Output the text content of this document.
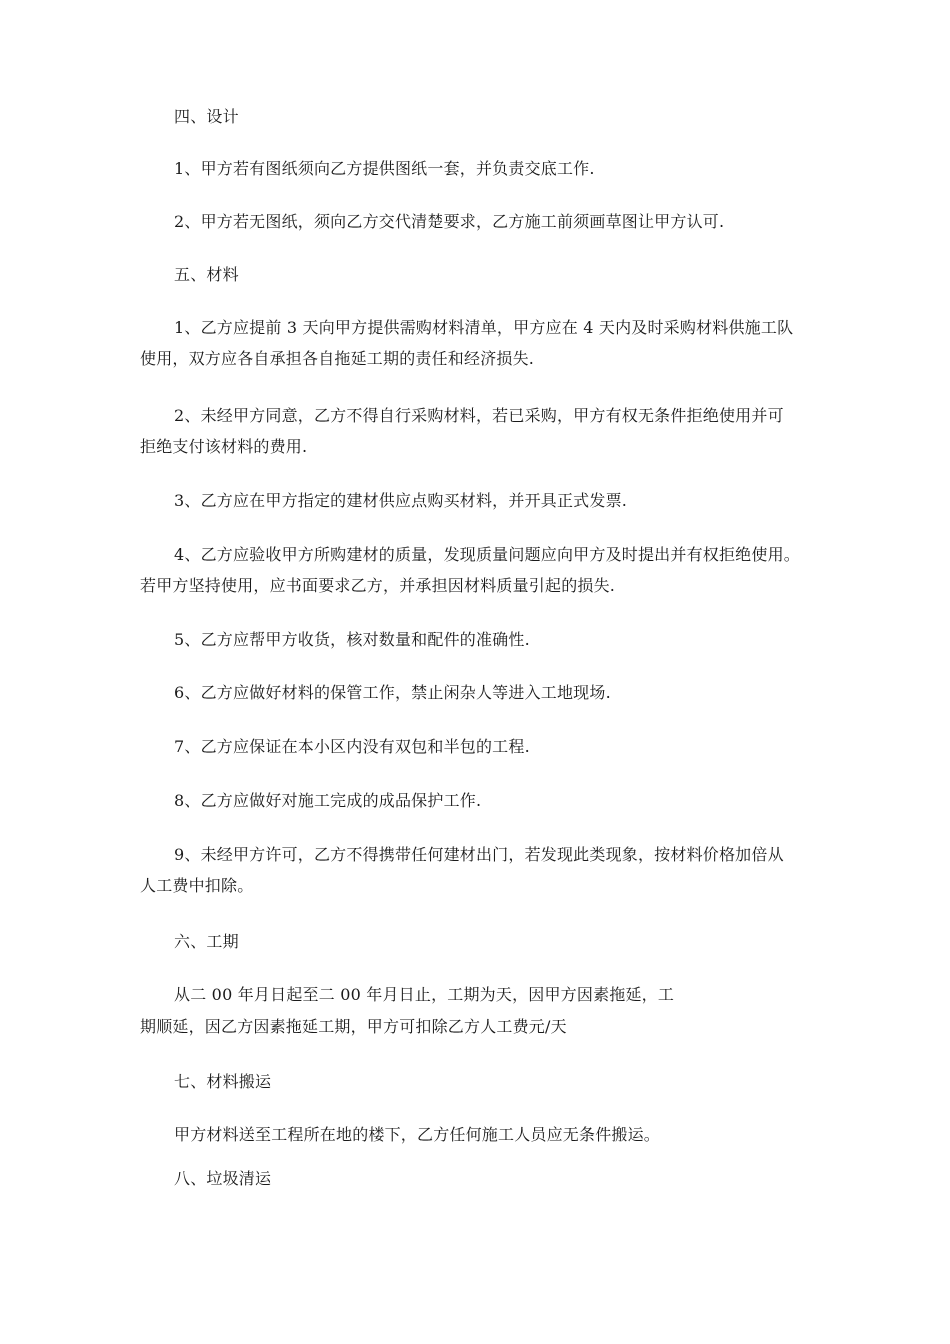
四、设计
1、甲方若有图纸须向乙方提供图纸一套，并负责交底工作.
2、甲方若无图纸，须向乙方交代清楚要求，乙方施工前须画草图让甲方认可.
五、材料
1、乙方应提前 3 天向甲方提供需购材料清单，甲方应在 4 天内及时采购材料供施工队
使用，双方应各自承担各自拖延工期的责任和经济损失.
2、未经甲方同意，乙方不得自行采购材料，若已采购，甲方有权无条件拒绝使用并可
拒绝支付该材料的费用.
3、乙方应在甲方指定的建材供应点购买材料，并开具正式发票.
4、乙方应验收甲方所购建材的质量，发现质量问题应向甲方及时提出并有权拒绝使用。
若甲方坚持使用，应书面要求乙方，并承担因材料质量引起的损失.
5、乙方应帮甲方收货，核对数量和配件的准确性.
6、乙方应做好材料的保管工作，禁止闲杂人等进入工地现场.
7、乙方应保证在本小区内没有双包和半包的工程.
8、乙方应做好对施工完成的成品保护工作.
9、未经甲方许可，乙方不得携带任何建材出门，若发现此类现象，按材料价格加倍从
人工费中扣除。
六、工期
从二 00 年月日起至二 00 年月日止，工期为天，因甲方因素拖延，工
期顺延，因乙方因素拖延工期，甲方可扣除乙方人工费元/天
七、材料搬运
甲方材料送至工程所在地的楼下，乙方任何施工人员应无条件搬运。
八、垃圾清运
